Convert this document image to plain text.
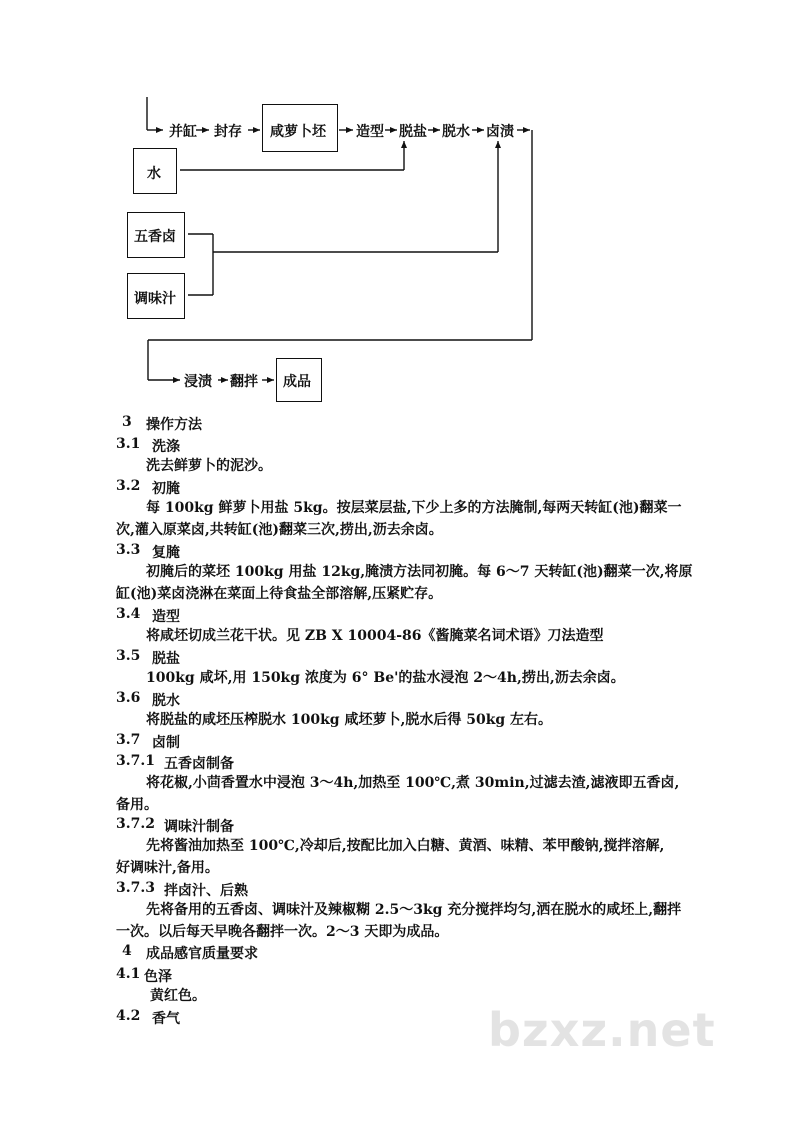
并缸 封存 咸萝卜坯 造型 脱盐 脱水 卤渍
水
五香卤
调味汁
浸渍 翻拌 成品
3 操作方法
3.1 洗涤
洗去鲜萝卜的泥沙。
3.2 初腌
每 100kg 鲜萝卜用盐 5kg。按层菜层盐,下少上多的方法腌制,每两天转缸(池)翻菜一
次,灌入原菜卤,共转缸(池)翻菜三次,捞出,沥去余卤。
3.3 复腌
初腌后的菜坯 100kg 用盐 12kg,腌渍方法同初腌。每 6～7 天转缸(池)翻菜一次,将原
缸(池)菜卤浇淋在菜面上待食盐全部溶解,压紧贮存。
3.4 造型
将咸坯切成兰花干状。见 ZB X 10004-86《酱腌菜名词术语》刀法造型
3.5 脱盐
100kg 咸坏,用 150kg 浓度为 6° Be'的盐水浸泡 2～4h,捞出,沥去余卤。
3.6 脱水
将脱盐的咸坯压榨脱水 100kg 咸坯萝卜,脱水后得 50kg 左右。
3.7 卤制
3.7.1 五香卤制备
将花椒,小茴香置水中浸泡 3～4h,加热至 100℃,煮 30min,过滤去渣,滤液即五香卤,
备用。
3.7.2 调味汁制备
先将酱油加热至 100℃,冷却后,按配比加入白糖、黄酒、味精、苯甲酸钠,搅拌溶解,
好调味汁,备用。
3.7.3 拌卤汁、后熟
先将备用的五香卤、调味汁及辣椒糊 2.5～3kg 充分搅拌均匀,洒在脱水的咸坯上,翻拌
一次。以后每天早晚各翻拌一次。2～3 天即为成品。
4 成品感官质量要求
4.1 色泽
黄红色。
4.2 香气	bzxz.net
